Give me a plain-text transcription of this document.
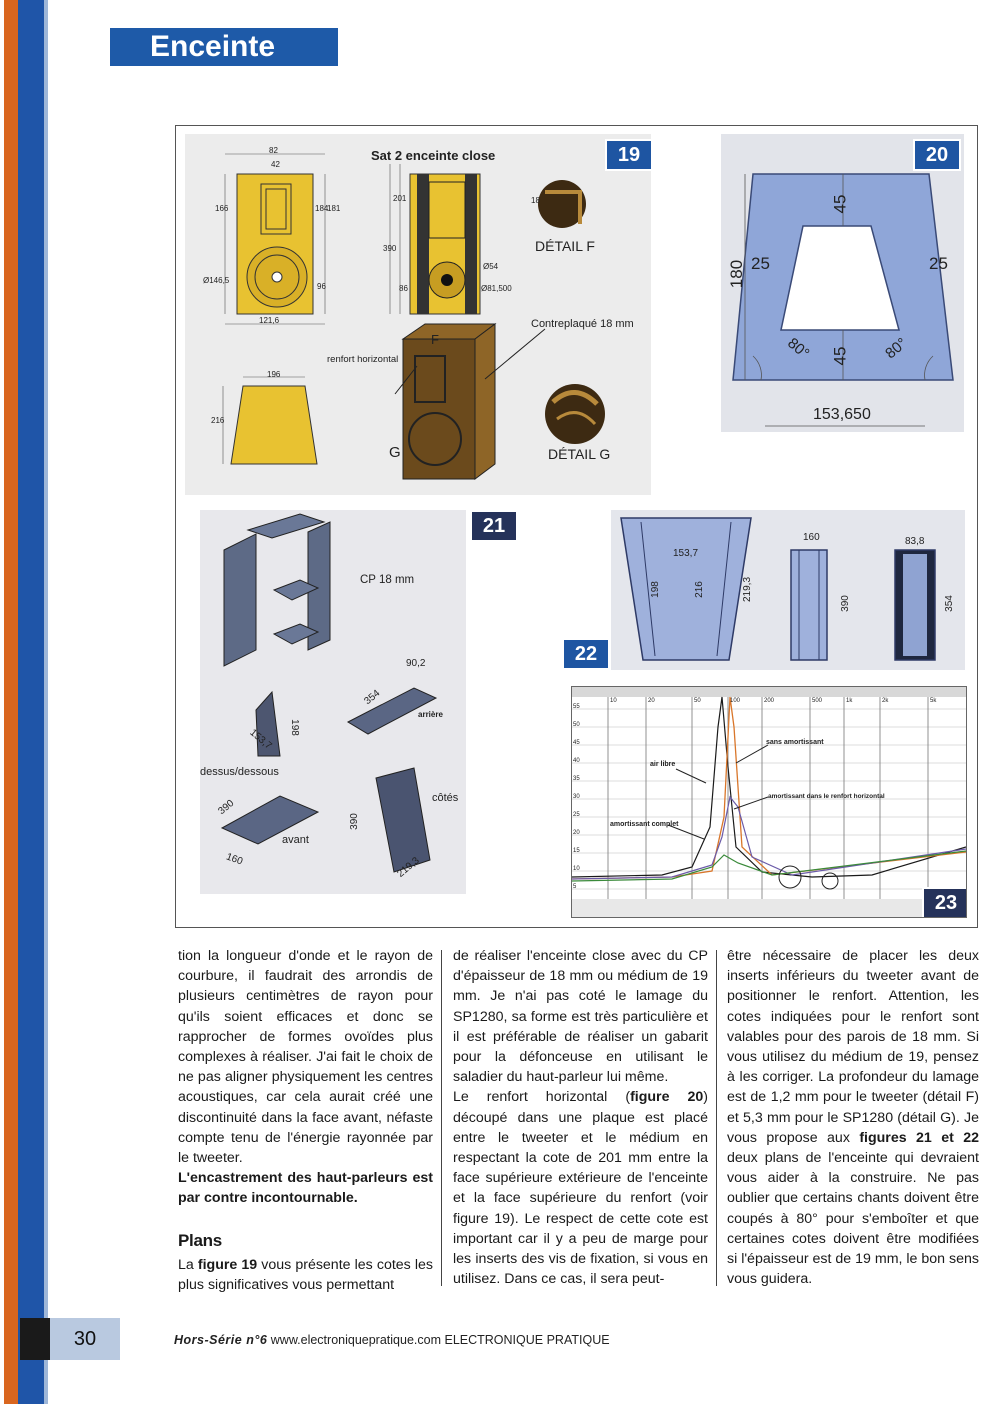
Enceinte
Sat 2 enceinte close
DÉTAIL F
DÉTAIL G
Contreplaqué 18 mm
renfort horizontal
F
G
82
42
166
Ø146,5
121,6
184
181
201
390
96	86
Ø54
Ø81,500
196
216
18
19
180
45
25	25
45
80°	80°
153,650
20
CP 18 mm
dessus/dessous
arrière
côtés
avant
90,2
354
153,7 198
390
390
160	219,3
21
153,7
198	216	219,3
160
390
83,8
354
22
air libre
sans amortissant
amortissant dans le renfort horizontal
amortissant complet
10	20	50	100	200	500	1k	2k	5k
55
50
45
40
35
30
25
20
15
10
5
23

tion la longueur d'onde et le rayon de courbure, il faudrait des arrondis de plusieurs centimètres de rayon pour qu'ils soient efficaces et donc se rapprocher de formes ovoïdes plus complexes à réaliser. J'ai fait le choix de ne pas aligner physiquement les centres acoustiques, car cela aurait créé une discontinuité dans la face avant, néfaste compte tenu de l'énergie rayonnée par le tweeter.

L'encastrement des haut-parleurs est par contre incontournable.

Plans

La figure 19 vous présente les cotes les plus significatives vous permettant

de réaliser l'enceinte close avec du CP d'épaisseur de 18 mm ou médium de 19 mm. Je n'ai pas coté le lamage du SP1280, sa forme est très particulière et il est préférable de réaliser un gabarit pour la défonceuse en utilisant le saladier du haut-parleur lui même.

Le renfort horizontal (figure 20) découpé dans une plaque est placé entre le tweeter et le médium en respectant la cote de 201 mm entre la face supérieure extérieure de l'enceinte et la face supérieure du renfort (voir figure 19). Le respect de cette cote est important car il y a peu de marge pour les inserts des vis de fixation, si vous en utilisez. Dans ce cas, il sera peut-

être nécessaire de placer les deux inserts inférieurs du tweeter avant de positionner le renfort. Attention, les cotes indiquées pour le renfort sont valables pour des parois de 18 mm. Si vous utilisez du médium de 19, pensez à les corriger. La profondeur du lamage est de 1,2 mm pour le tweeter (détail F) et 5,3 mm pour le SP1280 (détail G). Je vous propose aux figures 21 et 22 deux plans de l'enceinte qui devraient vous aider à la construire. Ne pas oublier que certains chants doivent être coupés à 80° pour s'emboîter et que certaines cotes doivent être modifiées si l'épaisseur est de 19 mm, le bon sens vous guidera.

30	Hors-Série n°6 www.electroniquepratique.com ELECTRONIQUE PRATIQUE
